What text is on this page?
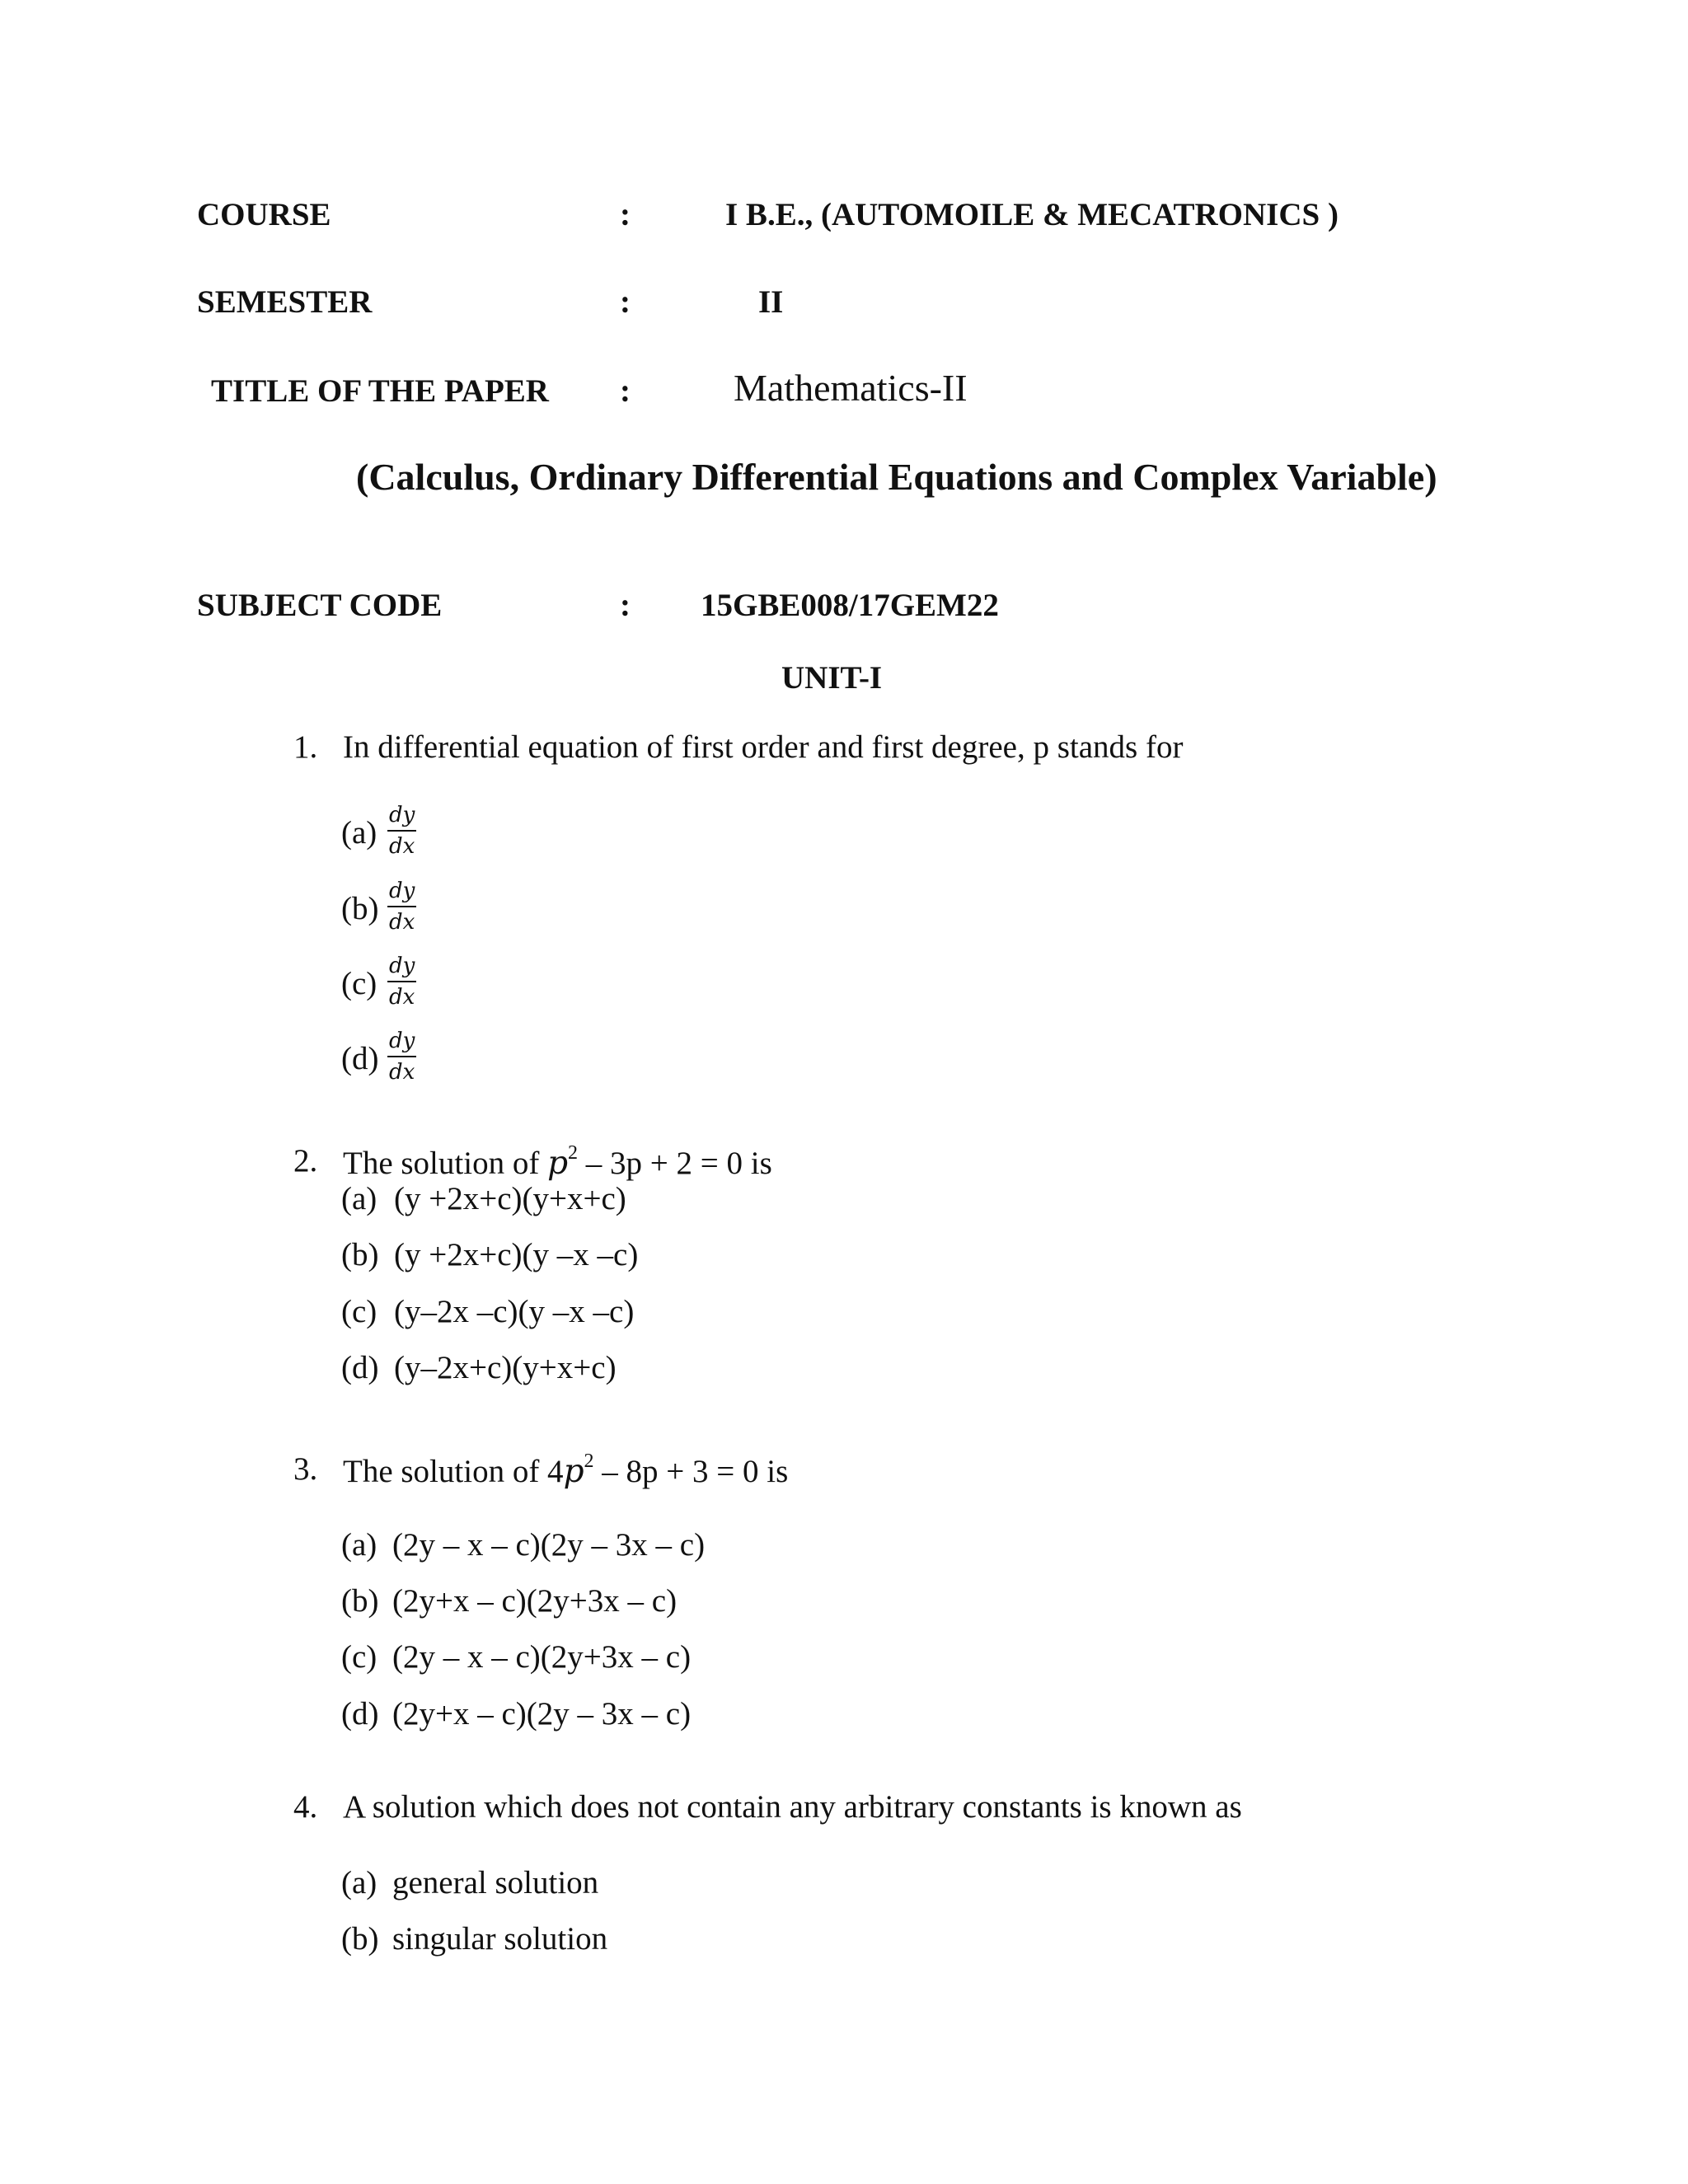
COURSE	:	I B.E., (AUTOMOILE & MECATRONICS )
SEMESTER	:	II
TITLE OF THE PAPER :	Mathematics-II
(Calculus, Ordinary Differential Equations and Complex Variable)
SUBJECT CODE	: 15GBE008/17GEM22
UNIT-I
1. In differential equation of first order and first degree, p stands for
$(a) \frac{dy}{dx}$
$(b) \frac{dy}{dx}$
$(c) \frac{dy}{dx}$
$(d) \frac{dy}{dx}$
2. The solution of $p^2 - 3p + 2 = 0$ is
(a) (y +2x+c)(y+x+c)
(b) (y +2x+c)(y –x –c)
(c) (y–2x –c)(y –x –c)
(d) (y–2x+c)(y+x+c)
3. The solution of $4p^2 - 8p + 3 = 0$ is
(a) (2y – x – c)(2y – 3x – c)
(b) (2y+x – c)(2y+3x – c)
(c) (2y – x – c)(2y+3x – c)
(d) (2y+x – c)(2y – 3x – c)
4. A solution which does not contain any arbitrary constants is known as
(a) general solution
(b) singular solution
